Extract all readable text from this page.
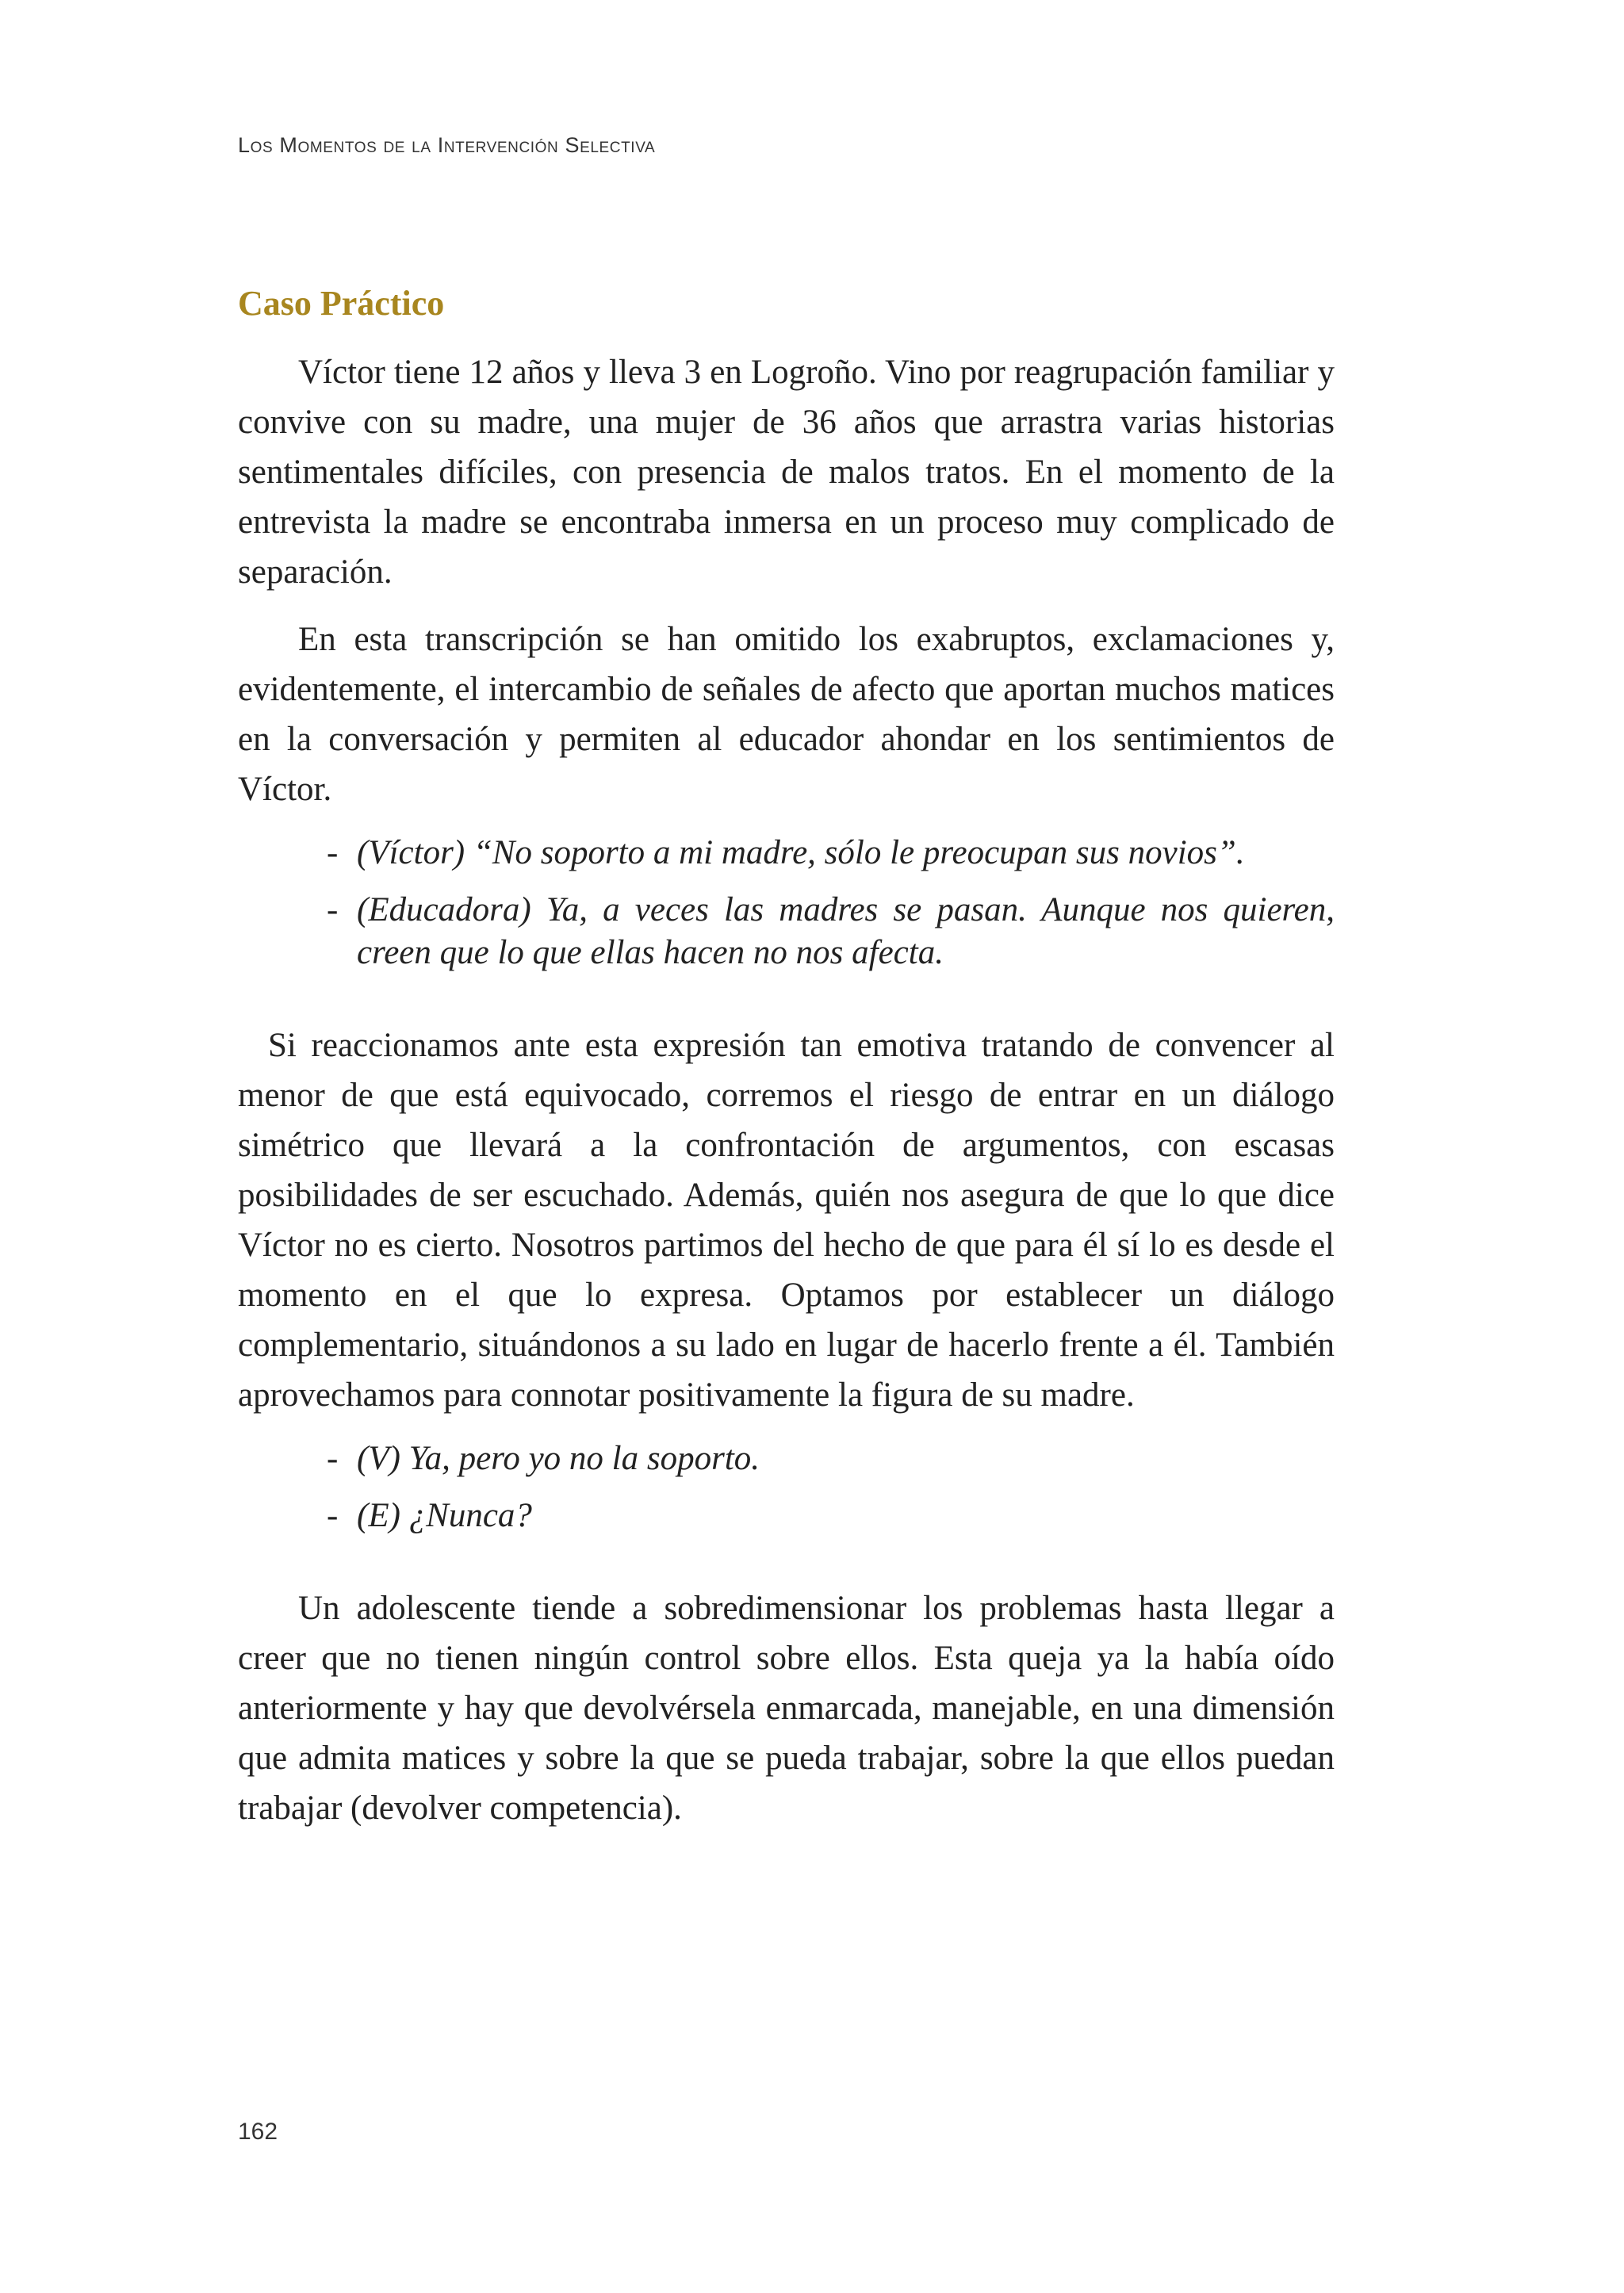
Los Momentos de la Intervención Selectiva
Caso Práctico

Víctor tiene 12 años y lleva 3 en Logroño. Vino por reagrupación familiar y convive con su madre, una mujer de 36 años que arrastra varias historias sentimentales difíciles, con presencia de malos tratos. En el momento de la entrevista la madre se encontraba inmersa en un proceso muy complicado de separación.

En esta transcripción se han omitido los exabruptos, exclamaciones y, evidentemente, el intercambio de señales de afecto que aportan muchos matices en la conversación y permiten al educador ahondar en los sentimientos de Víctor.

- (Víctor) “No soporto a mi madre, sólo le preocupan sus novios”.
- (Educadora) Ya, a veces las madres se pasan. Aunque nos quieren, creen que lo que ellas hacen no nos afecta.

Si reaccionamos ante esta expresión tan emotiva tratando de convencer al menor de que está equivocado, corremos el riesgo de entrar en un diálogo simétrico que llevará a la confrontación de argumentos, con escasas posibilidades de ser escuchado. Además, quién nos asegura de que lo que dice Víctor no es cierto. Nosotros partimos del hecho de que para él sí lo es desde el momento en el que lo expresa. Optamos por establecer un diálogo complementario, situándonos a su lado en lugar de hacerlo frente a él. También aprovechamos para connotar positivamente la figura de su madre.

- (V) Ya, pero yo no la soporto.
- (E) ¿Nunca?

Un adolescente tiende a sobredimensionar los problemas hasta llegar a creer que no tienen ningún control sobre ellos. Esta queja ya la había oído anteriormente y hay que devolvérsela enmarcada, manejable, en una dimensión que admita matices y sobre la que se pueda trabajar, sobre la que ellos puedan trabajar (devolver competencia).

162
